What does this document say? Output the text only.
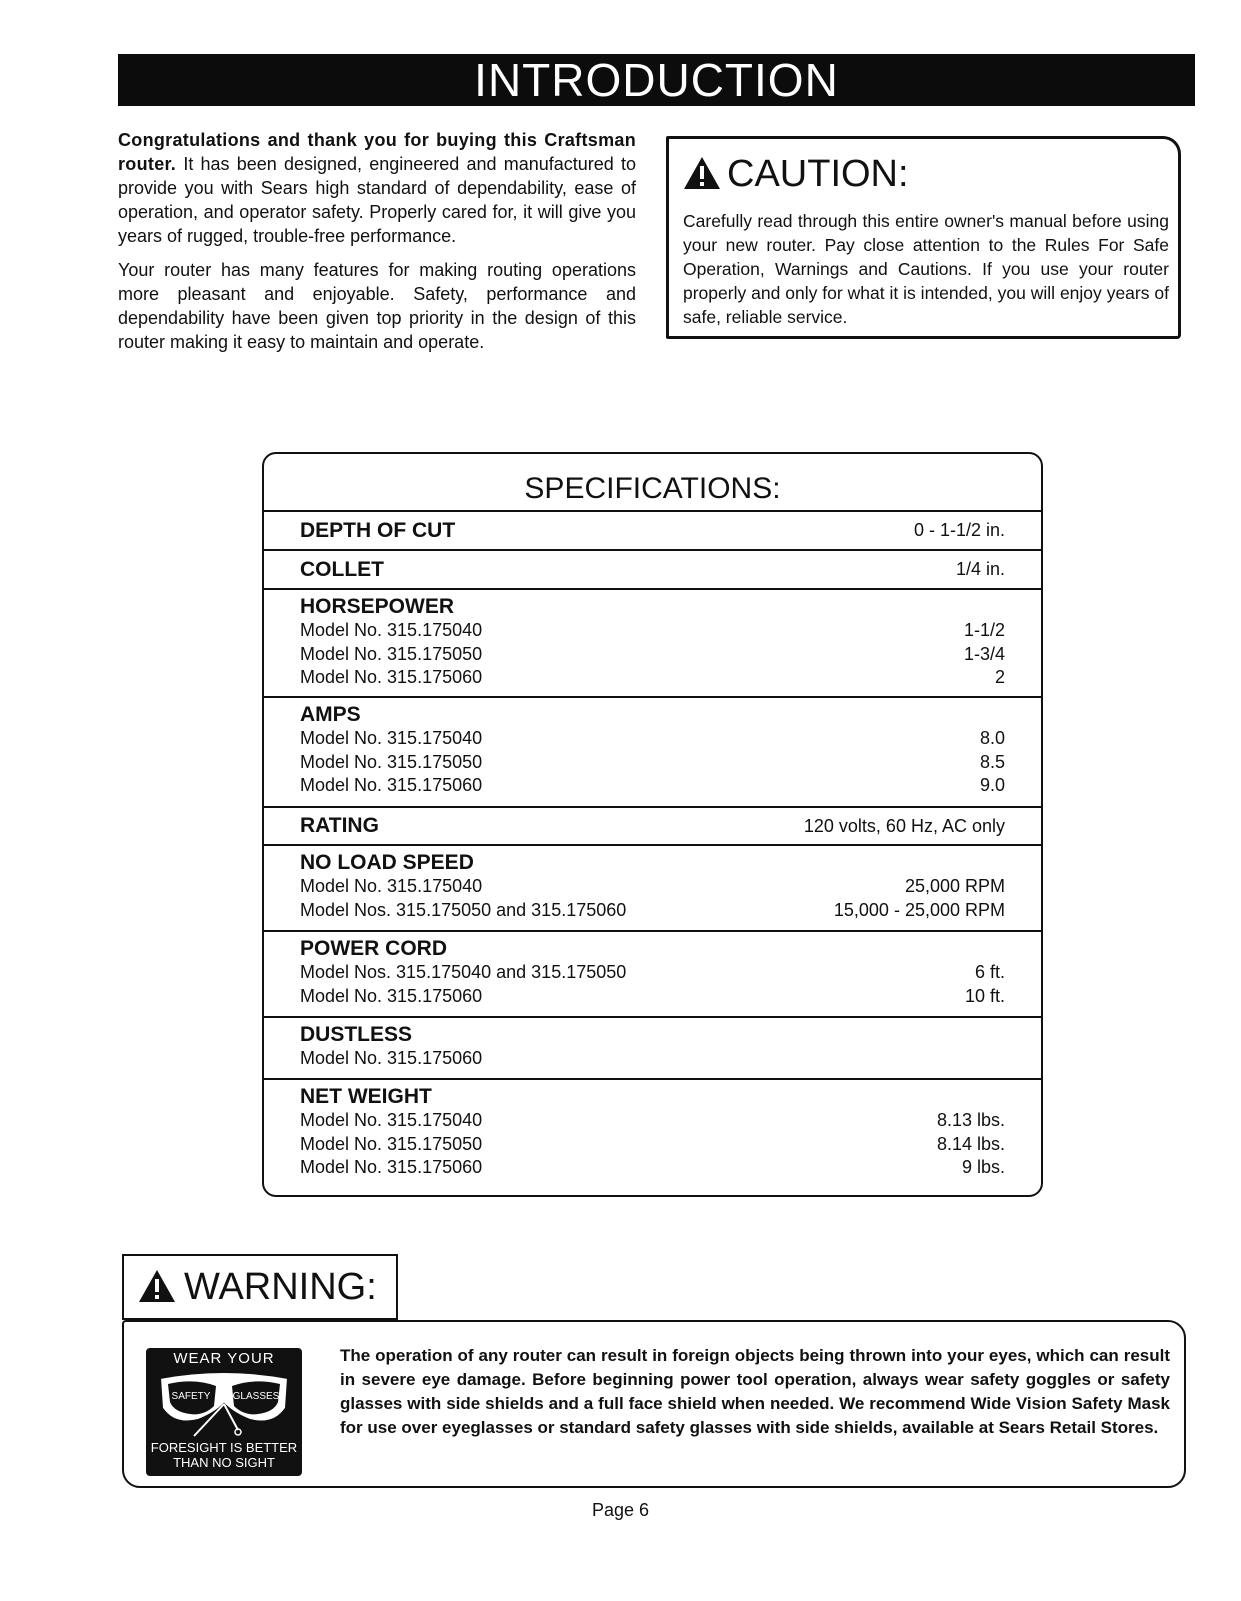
INTRODUCTION

Congratulations and thank you for buying this Craftsman router. It has been designed, engineered and manufactured to provide you with Sears high standard of dependability, ease of operation, and operator safety. Properly cared for, it will give you years of rugged, trouble-free performance.

Your router has many features for making routing operations more pleasant and enjoyable. Safety, performance and dependability have been given top priority in the design of this router making it easy to maintain and operate.

CAUTION:
Carefully read through this entire owner's manual before using your new router. Pay close attention to the Rules For Safe Operation, Warnings and Cautions. If you use your router properly and only for what it is intended, you will enjoy years of safe, reliable service.
SPECIFICATIONS:
DEPTH OF CUT	0 - 1-1/2 in.
COLLET	1/4 in.
HORSEPOWER
Model No. 315.175040	1-1/2
Model No. 315.175050	1-3/4
Model No. 315.175060	2
AMPS
Model No. 315.175040	8.0
Model No. 315.175050	8.5
Model No. 315.175060	9.0
RATING	120 volts, 60 Hz, AC only
NO LOAD SPEED
Model No. 315.175040	25,000 RPM
Model Nos. 315.175050 and 315.175060	15,000 - 25,000 RPM
POWER CORD
Model Nos. 315.175040 and 315.175050	6 ft.
Model No. 315.175060	10 ft.
DUSTLESS
Model No. 315.175060
NET WEIGHT
Model No. 315.175040	8.13 lbs.
Model No. 315.175050	8.14 lbs.
Model No. 315.175060	9 lbs.
WARNING:
WEAR YOUR
SAFETY GLASSES
FORESIGHT IS BETTER
THAN NO SIGHT
The operation of any router can result in foreign objects being thrown into your eyes, which can result in severe eye damage. Before beginning power tool operation, always wear safety goggles or safety glasses with side shields and a full face shield when needed. We recommend Wide Vision Safety Mask for use over eyeglasses or standard safety glasses with side shields, available at Sears Retail Stores.
Page 6
